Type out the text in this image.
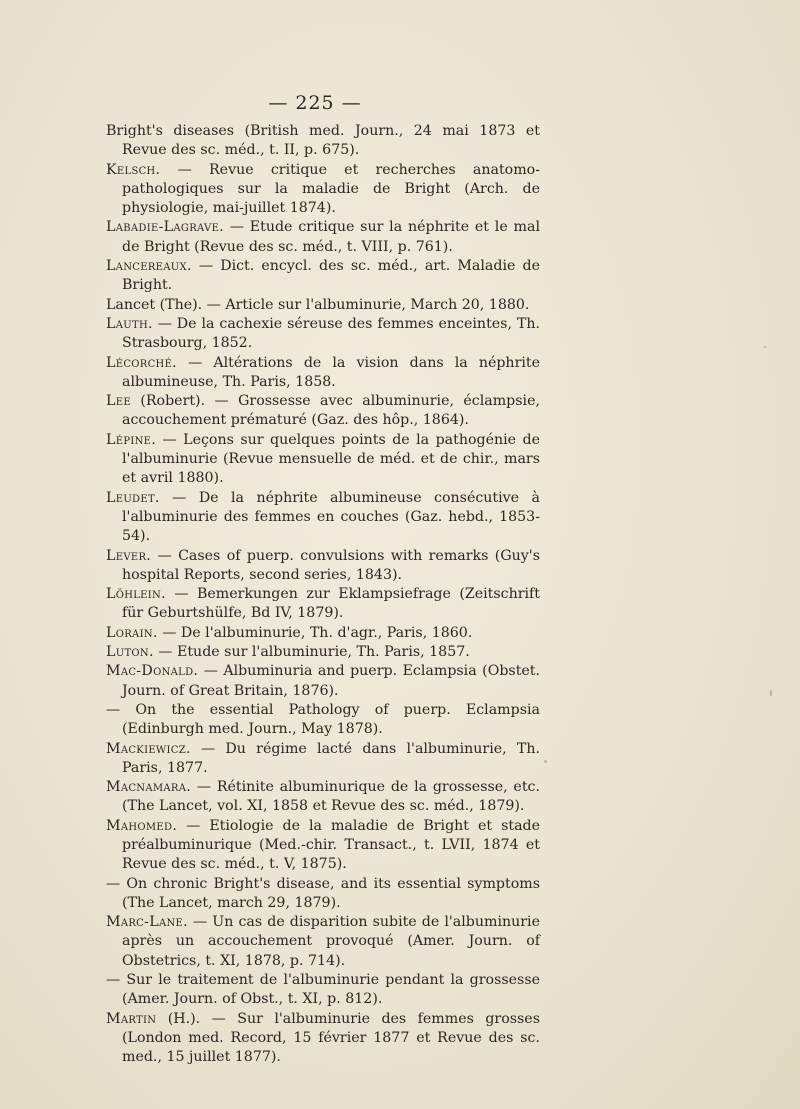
— 225 —
Bright's diseases (British med. Journ., 24 mai 1873 et Revue des sc. méd., t. II, p. 675).
Kelsch. — Revue critique et recherches anatomo-pathologiques sur la maladie de Bright (Arch. de physiologie, mai-juillet 1874).
Labadie-Lagrave. — Etude critique sur la néphrite et le mal de Bright (Revue des sc. méd., t. VIII, p. 761).
Lancereaux. — Dict. encycl. des sc. méd., art. Maladie de Bright.
Lancet (The). — Article sur l'albuminurie, March 20, 1880.
Lauth. — De la cachexie séreuse des femmes enceintes, Th. Strasbourg, 1852.
Lécorché. — Altérations de la vision dans la néphrite albumineuse, Th. Paris, 1858.
Lee (Robert). — Grossesse avec albuminurie, éclampsie, accouchement prématuré (Gaz. des hôp., 1864).
Lépine. — Leçons sur quelques points de la pathogénie de l'albuminurie (Revue mensuelle de méd. et de chir., mars et avril 1880).
Leudet. — De la néphrite albumineuse consécutive à l'albuminurie des femmes en couches (Gaz. hebd., 1853-54).
Lever. — Cases of puerp. convulsions with remarks (Guy's hospital Reports, second series, 1843).
Löhlein. — Bemerkungen zur Eklampsiefrage (Zeitschrift für Geburtshülfe, Bd IV, 1879).
Lorain. — De l'albuminurie, Th. d'agr., Paris, 1860.
Luton. — Etude sur l'albuminurie, Th. Paris, 1857.
Mac-Donald. — Albuminuria and puerp. Eclampsia (Obstet. Journ. of Great Britain, 1876).
— On the essential Pathology of puerp. Eclampsia (Edinburgh med. Journ., May 1878).
Mackiewicz. — Du régime lacté dans l'albuminurie, Th. Paris, 1877.
Macnamara. — Rétinite albuminurique de la grossesse, etc. (The Lancet, vol. XI, 1858 et Revue des sc. méd., 1879).
Mahomed. — Etiologie de la maladie de Bright et stade préalbuminurique (Med.-chir. Transact., t. LVII, 1874 et Revue des sc. méd., t. V, 1875).
— On chronic Bright's disease, and its essential symptoms (The Lancet, march 29, 1879).
Marc-Lane. — Un cas de disparition subite de l'albuminurie après un accouchement provoqué (Amer. Journ. of Obstetrics, t. XI, 1878, p. 714).
— Sur le traitement de l'albuminurie pendant la grossesse (Amer. Journ. of Obst., t. XI, p. 812).
Martin (H.). — Sur l'albuminurie des femmes grosses (London med. Record, 15 février 1877 et Revue des sc. med., 15 juillet 1877).
